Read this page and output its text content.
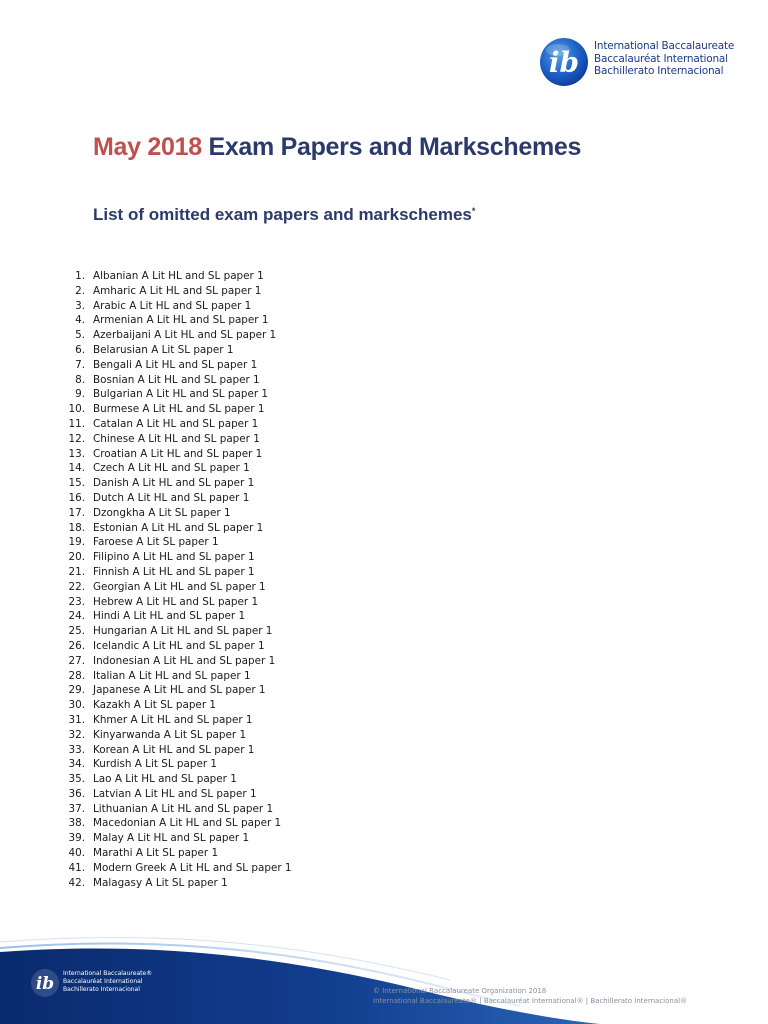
ib International Baccalaureate
Baccalauréat International
Bachillerato Internacional
May 2018 Exam Papers and Markschemes
List of omitted exam papers and markschemes*
1. Albanian A Lit HL and SL paper 1
2. Amharic A Lit HL and SL paper 1
3. Arabic A Lit HL and SL paper 1
4. Armenian A Lit HL and SL paper 1
5. Azerbaijani A Lit HL and SL paper 1
6. Belarusian A Lit SL paper 1
7. Bengali A Lit HL and SL paper 1
8. Bosnian A Lit HL and SL paper 1
9. Bulgarian A Lit HL and SL paper 1
10. Burmese A Lit HL and SL paper 1
11. Catalan A Lit HL and SL paper 1
12. Chinese A Lit HL and SL paper 1
13. Croatian A Lit HL and SL paper 1
14. Czech A Lit HL and SL paper 1
15. Danish A Lit HL and SL paper 1
16. Dutch A Lit HL and SL paper 1
17. Dzongkha A Lit SL paper 1
18. Estonian A Lit HL and SL paper 1
19. Faroese A Lit SL paper 1
20. Filipino A Lit HL and SL paper 1
21. Finnish A Lit HL and SL paper 1
22. Georgian A Lit HL and SL paper 1
23. Hebrew A Lit HL and SL paper 1
24. Hindi A Lit HL and SL paper 1
25. Hungarian A Lit HL and SL paper 1
26. Icelandic A Lit HL and SL paper 1
27. Indonesian A Lit HL and SL paper 1
28. Italian A Lit HL and SL paper 1
29. Japanese A Lit HL and SL paper 1
30. Kazakh A Lit SL paper 1
31. Khmer A Lit HL and SL paper 1
32. Kinyarwanda A Lit SL paper 1
33. Korean A Lit HL and SL paper 1
34. Kurdish A Lit SL paper 1
35. Lao A Lit HL and SL paper 1
36. Latvian A Lit HL and SL paper 1
37. Lithuanian A Lit HL and SL paper 1
38. Macedonian A Lit HL and SL paper 1
39. Malay A Lit HL and SL paper 1
40. Marathi A Lit SL paper 1
41. Modern Greek A Lit HL and SL paper 1
42. Malagasy A Lit SL paper 1
ib
International Baccalaureate®
Baccalauréat International
Bachillerato Internacional	© International Baccalaureate Organization 2018
International Baccalaureate® | Baccalauréat International® | Bachillerato Internacional®
